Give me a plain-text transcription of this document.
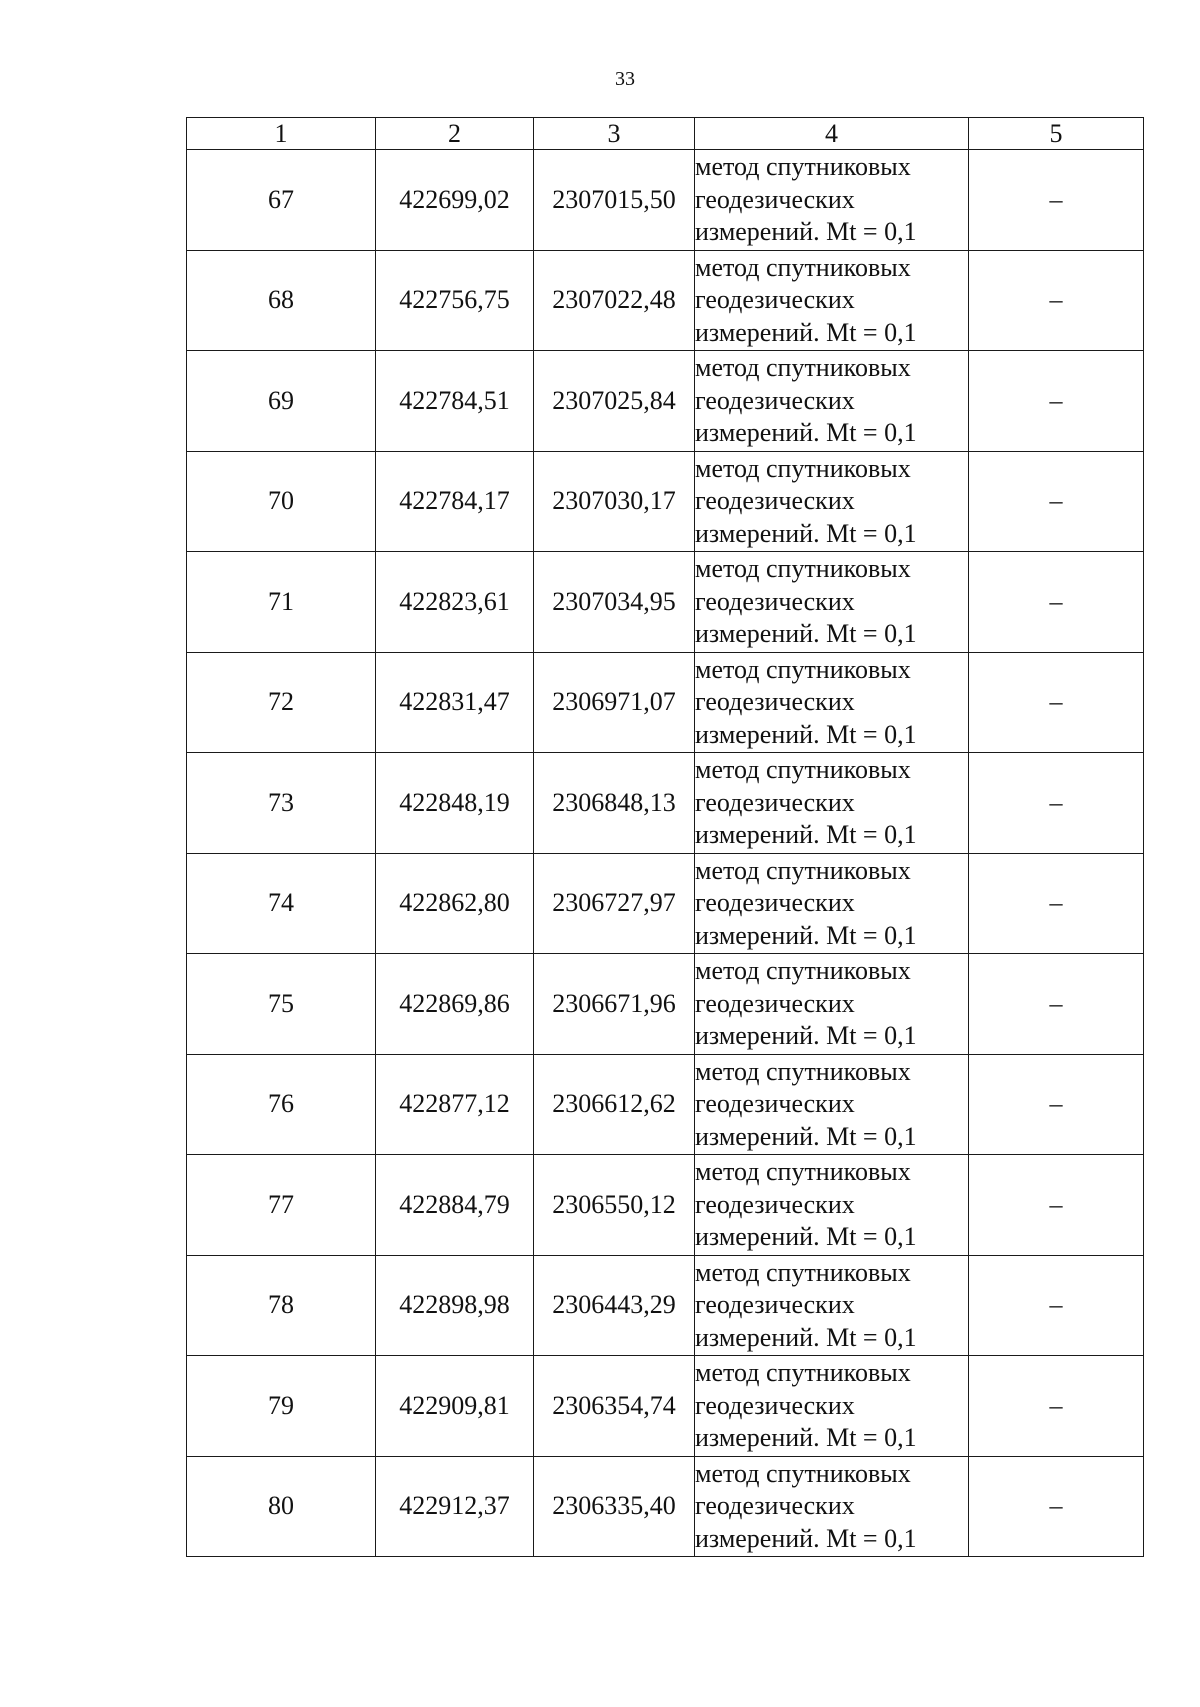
33
1	2	3	4	5
67	422699,02	2307015,50	метод спутниковых
геодезических
измерений. Mt = 0,1	–
68	422756,75	2307022,48	метод спутниковых
геодезических
измерений. Mt = 0,1	–
69	422784,51	2307025,84	метод спутниковых
геодезических
измерений. Mt = 0,1	–
70	422784,17	2307030,17	метод спутниковых
геодезических
измерений. Mt = 0,1	–
71	422823,61	2307034,95	метод спутниковых
геодезических
измерений. Mt = 0,1	–
72	422831,47	2306971,07	метод спутниковых
геодезических
измерений. Mt = 0,1	–
73	422848,19	2306848,13	метод спутниковых
геодезических
измерений. Mt = 0,1	–
74	422862,80	2306727,97	метод спутниковых
геодезических
измерений. Mt = 0,1	–
75	422869,86	2306671,96	метод спутниковых
геодезических
измерений. Mt = 0,1	–
76	422877,12	2306612,62	метод спутниковых
геодезических
измерений. Mt = 0,1	–
77	422884,79	2306550,12	метод спутниковых
геодезических
измерений. Mt = 0,1	–
78	422898,98	2306443,29	метод спутниковых
геодезических
измерений. Mt = 0,1	–
79	422909,81	2306354,74	метод спутниковых
геодезических
измерений. Mt = 0,1	–
80	422912,37	2306335,40	метод спутниковых
геодезических
измерений. Mt = 0,1	–
